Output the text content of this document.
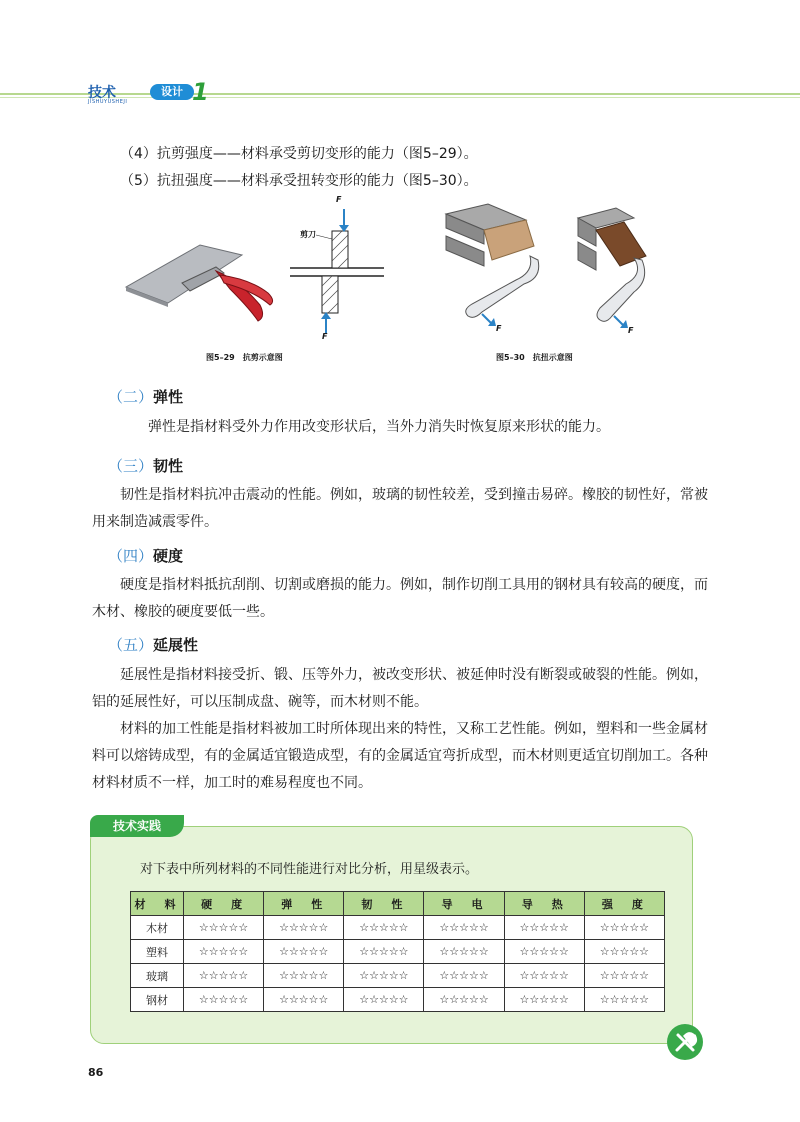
技术
JISHUYUSHEJI
设计 1
（4）抗剪强度——材料承受剪切变形的能力（图5–29）。
（5）抗扭强度——材料承受扭转变形的能力（图5–30）。
剪刀
F
F
图5–29　抗剪示意图
F	F
图5–30　抗扭示意图
（二）弹性
弹性是指材料受外力作用改变形状后，当外力消失时恢复原来形状的能力。
（三）韧性
韧性是指材料抗冲击震动的性能。例如，玻璃的韧性较差，受到撞击易碎。橡胶的韧性好，常被用来制造减震零件。
（四）硬度
硬度是指材料抵抗刮削、切割或磨损的能力。例如，制作切削工具用的钢材具有较高的硬度，而木材、橡胶的硬度要低一些。
（五）延展性
延展性是指材料接受折、锻、压等外力，被改变形状、被延伸时没有断裂或破裂的性能。例如，铝的延展性好，可以压制成盘、碗等，而木材则不能。
材料的加工性能是指材料被加工时所体现出来的特性，又称工艺性能。例如，塑料和一些金属材料可以熔铸成型，有的金属适宜锻造成型，有的金属适宜弯折成型，而木材则更适宜切削加工。各种材料材质不一样，加工时的难易程度也不同。
技术实践
对下表中所列材料的不同性能进行对比分析，用星级表示。
材　料	硬　度	弹　性	韧　性	导　电	导　热	强　度
木材	☆☆☆☆☆	☆☆☆☆☆	☆☆☆☆☆	☆☆☆☆☆	☆☆☆☆☆	☆☆☆☆☆
塑料	☆☆☆☆☆	☆☆☆☆☆	☆☆☆☆☆	☆☆☆☆☆	☆☆☆☆☆	☆☆☆☆☆
玻璃	☆☆☆☆☆	☆☆☆☆☆	☆☆☆☆☆	☆☆☆☆☆	☆☆☆☆☆	☆☆☆☆☆
钢材	☆☆☆☆☆	☆☆☆☆☆	☆☆☆☆☆	☆☆☆☆☆	☆☆☆☆☆	☆☆☆☆☆
86
